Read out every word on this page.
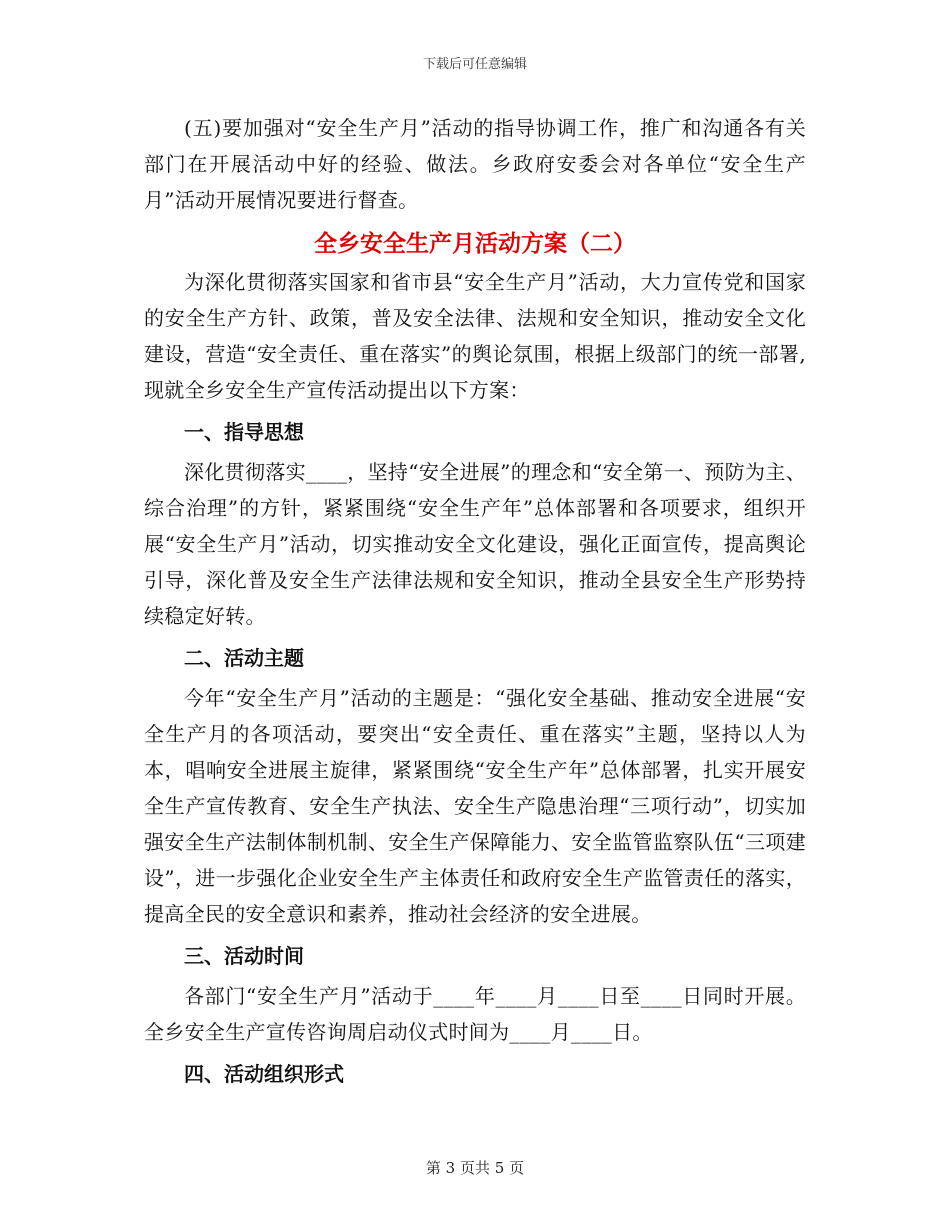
下载后可任意编辑

(五)要加强对“安全生产月”活动的指导协调工作，推广和沟通各有关部门在开展活动中好的经验、做法。乡政府安委会对各单位“安全生产月”活动开展情况要进行督查。

全乡安全生产月活动方案（二）

为深化贯彻落实国家和省市县“安全生产月”活动，大力宣传党和国家的安全生产方针、政策，普及安全法律、法规和安全知识，推动安全文化建设，营造“安全责任、重在落实”的舆论氛围，根据上级部门的统一部署,现就全乡安全生产宣传活动提出以下方案：

一、指导思想

深化贯彻落实____，坚持“安全进展”的理念和“安全第一、预防为主、综合治理”的方针，紧紧围绕“安全生产年”总体部署和各项要求，组织开展“安全生产月”活动，切实推动安全文化建设，强化正面宣传，提高舆论引导，深化普及安全生产法律法规和安全知识，推动全县安全生产形势持续稳定好转。

二、活动主题

今年“安全生产月”活动的主题是：“强化安全基础、推动安全进展“安全生产月的各项活动，要突出“安全责任、重在落实”主题，坚持以人为本，唱响安全进展主旋律，紧紧围绕“安全生产年”总体部署，扎实开展安全生产宣传教育、安全生产执法、安全生产隐患治理“三项行动”，切实加强安全生产法制体制机制、安全生产保障能力、安全监管监察队伍“三项建设”，进一步强化企业安全生产主体责任和政府安全生产监管责任的落实，提高全民的安全意识和素养，推动社会经济的安全进展。

三、活动时间

各部门“安全生产月”活动于____年____月____日至____日同时开展。全乡安全生产宣传咨询周启动仪式时间为____月____日。

四、活动组织形式
第 3 页共 5 页
